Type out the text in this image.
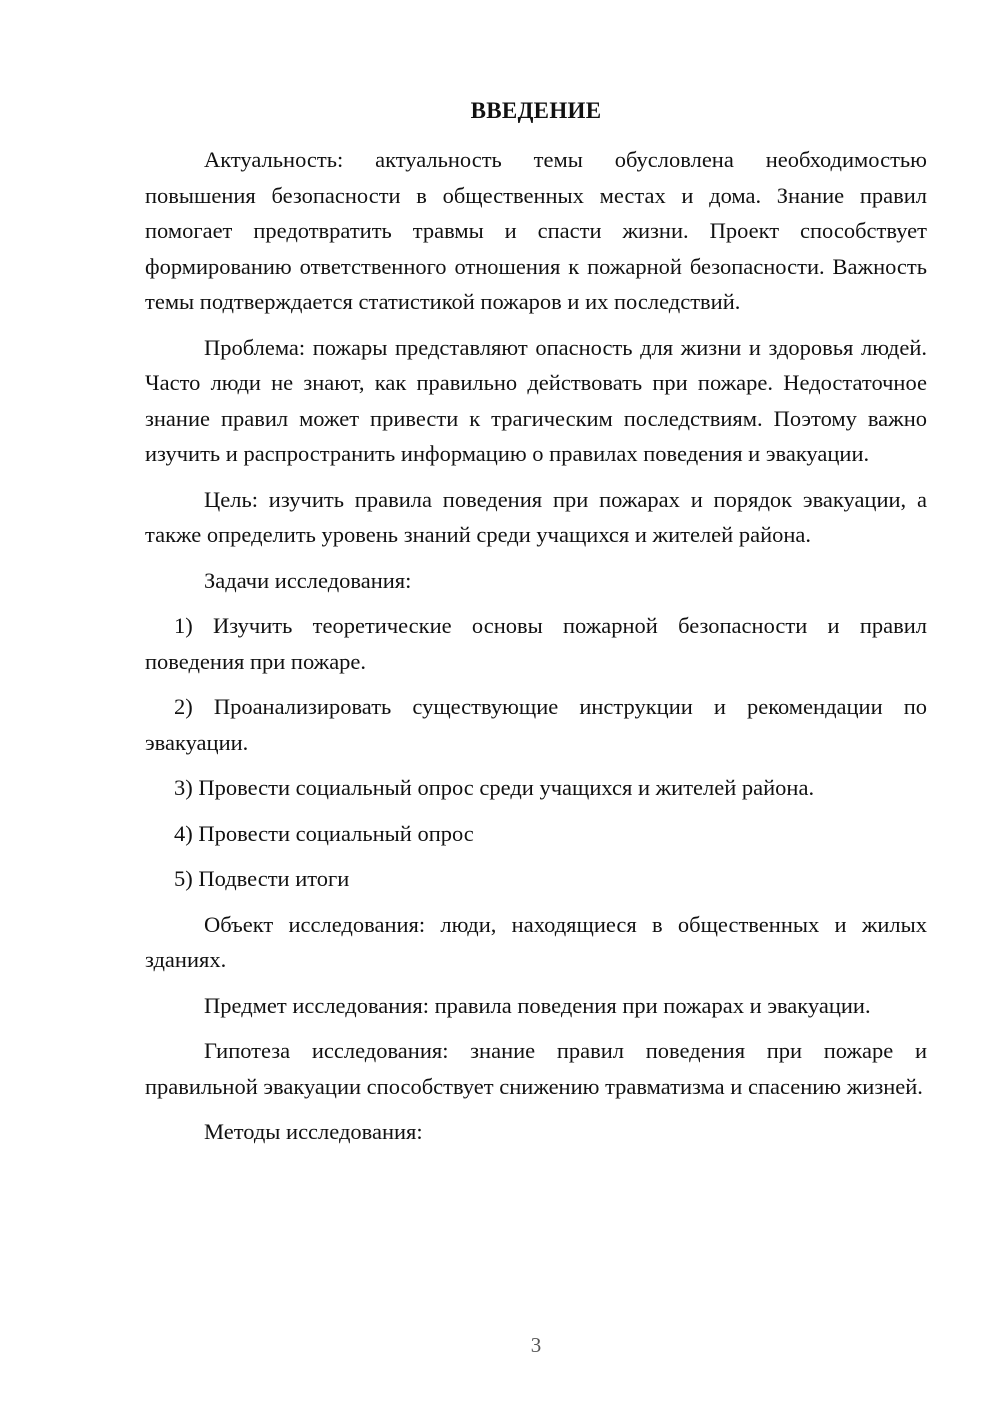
ВВЕДЕНИЕ

Актуальность: актуальность темы обусловлена необходимостью повышения безопасности в общественных местах и дома. Знание правил помогает предотвратить травмы и спасти жизни. Проект способствует формированию ответственного отношения к пожарной безопасности. Важность темы подтверждается статистикой пожаров и их последствий.

Проблема: пожары представляют опасность для жизни и здоровья людей. Часто люди не знают, как правильно действовать при пожаре. Недостаточное знание правил может привести к трагическим последствиям. Поэтому важно изучить и распространить информацию о правилах поведения и эвакуации.

Цель: изучить правила поведения при пожарах и порядок эвакуации, а также определить уровень знаний среди учащихся и жителей района.

Задачи исследования:

1) Изучить теоретические основы пожарной безопасности и правил поведения при пожаре.

2) Проанализировать существующие инструкции и рекомендации по эвакуации.

3) Провести социальный опрос среди учащихся и жителей района.

4) Провести социальный опрос

5) Подвести итоги

Объект исследования: люди, находящиеся в общественных и жилых зданиях.

Предмет исследования: правила поведения при пожарах и эвакуации.

Гипотеза исследования: знание правил поведения при пожаре и правильной эвакуации способствует снижению травматизма и спасению жизней.

Методы исследования:

3
